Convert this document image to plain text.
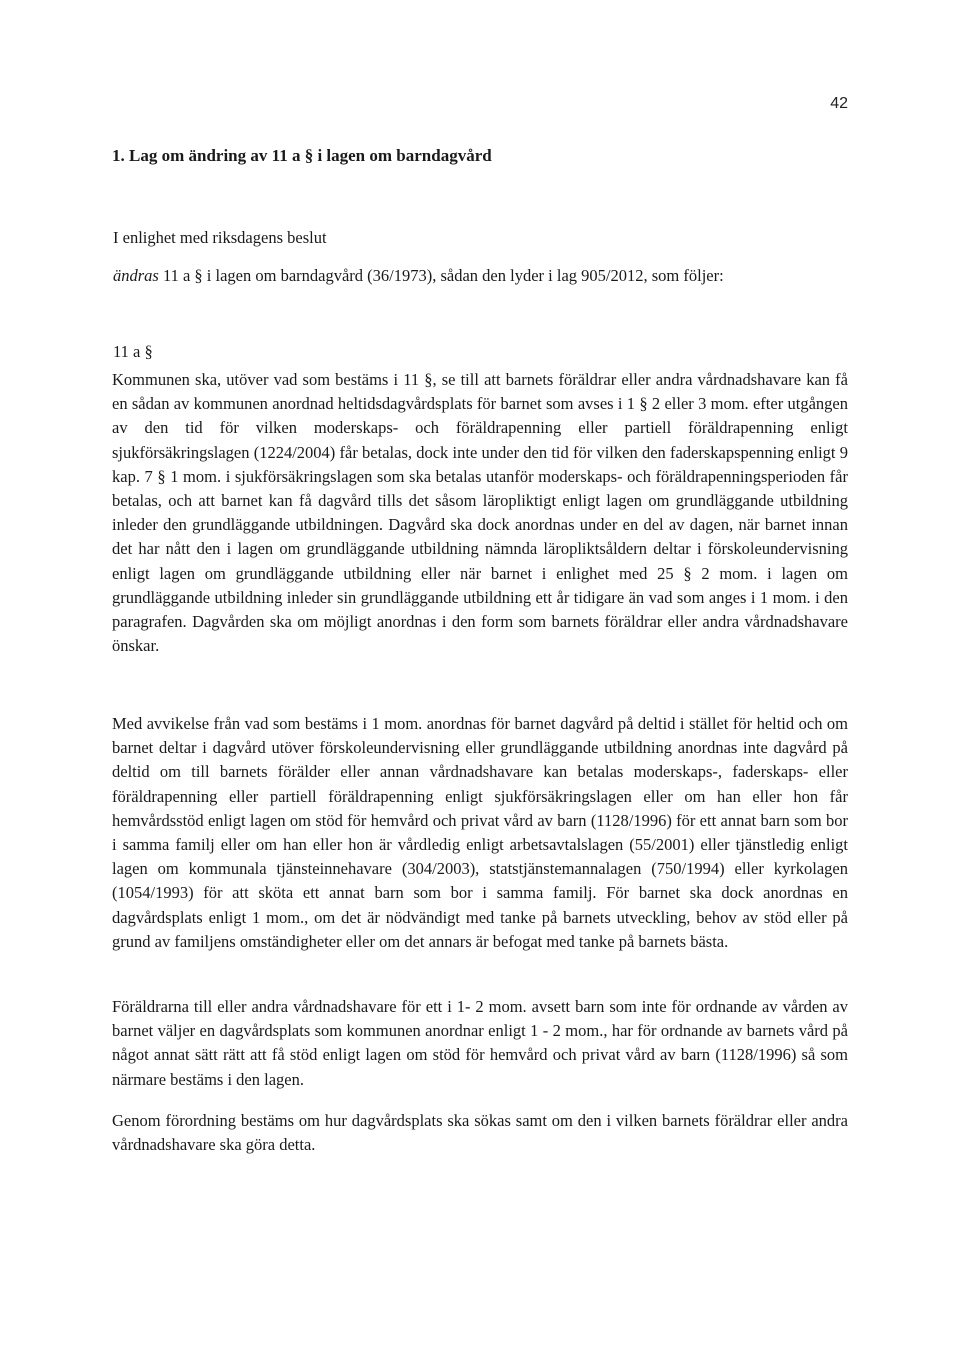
42
1. Lag om ändring av 11 a § i lagen om barndagvård

I enlighet med riksdagens beslut

ändras 11 a § i lagen om barndagvård (36/1973), sådan den lyder i lag 905/2012, som följer:

11 a §

Kommunen ska, utöver vad som bestäms i 11 §, se till att barnets föräldrar eller andra vårdnadshavare kan få en sådan av kommunen anordnad heltidsdagvårdsplats för barnet som avses i 1 § 2 eller 3 mom. efter utgången av den tid för vilken moderskaps- och föräldrapenning eller partiell föräldrapenning enligt sjukförsäkringslagen (1224/2004) får betalas, dock inte under den tid för vilken den faderskapspenning enligt 9 kap. 7 § 1 mom. i sjukförsäkringslagen som ska betalas utanför moderskaps- och föräldrapenningsperioden får betalas, och att barnet kan få dagvård tills det såsom läropliktigt enligt lagen om grundläggande utbildning inleder den grundläggande utbildningen. Dagvård ska dock anordnas under en del av dagen, när barnet innan det har nått den i lagen om grundläggande utbildning nämnda läropliktsåldern deltar i förskoleundervisning enligt lagen om grundläggande utbildning eller när barnet i enlighet med 25 § 2 mom. i lagen om grundläggande utbildning inleder sin grundläggande utbildning ett år tidigare än vad som anges i 1 mom. i den paragrafen. Dagvården ska om möjligt anordnas i den form som barnets föräldrar eller andra vårdnadshavare önskar.

Med avvikelse från vad som bestäms i 1 mom. anordnas för barnet dagvård på deltid i stället för heltid och om barnet deltar i dagvård utöver förskoleundervisning eller grundläggande utbildning anordnas inte dagvård på deltid om till barnets förälder eller annan vårdnadshavare kan betalas moderskaps-, faderskaps- eller föräldrapenning eller partiell föräldrapenning enligt sjukförsäkringslagen eller om han eller hon får hemvårdsstöd enligt lagen om stöd för hemvård och privat vård av barn (1128/1996) för ett annat barn som bor i samma familj eller om han eller hon är vårdledig enligt arbetsavtalslagen (55/2001) eller tjänstledig enligt lagen om kommunala tjänsteinnehavare (304/2003), statstjänstemannalagen (750/1994) eller kyrkolagen (1054/1993) för att sköta ett annat barn som bor i samma familj. För barnet ska dock anordnas en dagvårdsplats enligt 1 mom., om det är nödvändigt med tanke på barnets utveckling, behov av stöd eller på grund av familjens omständigheter eller om det annars är befogat med tanke på barnets bästa.

Föräldrarna till eller andra vårdnadshavare för ett i 1- 2 mom. avsett barn som inte för ordnande av vården av barnet väljer en dagvårdsplats som kommunen anordnar enligt 1 - 2 mom., har för ordnande av barnets vård på något annat sätt rätt att få stöd enligt lagen om stöd för hemvård och privat vård av barn (1128/1996) så som närmare bestäms i den lagen.

Genom förordning bestäms om hur dagvårdsplats ska sökas samt om den i vilken barnets föräldrar eller andra vårdnadshavare ska göra detta.
